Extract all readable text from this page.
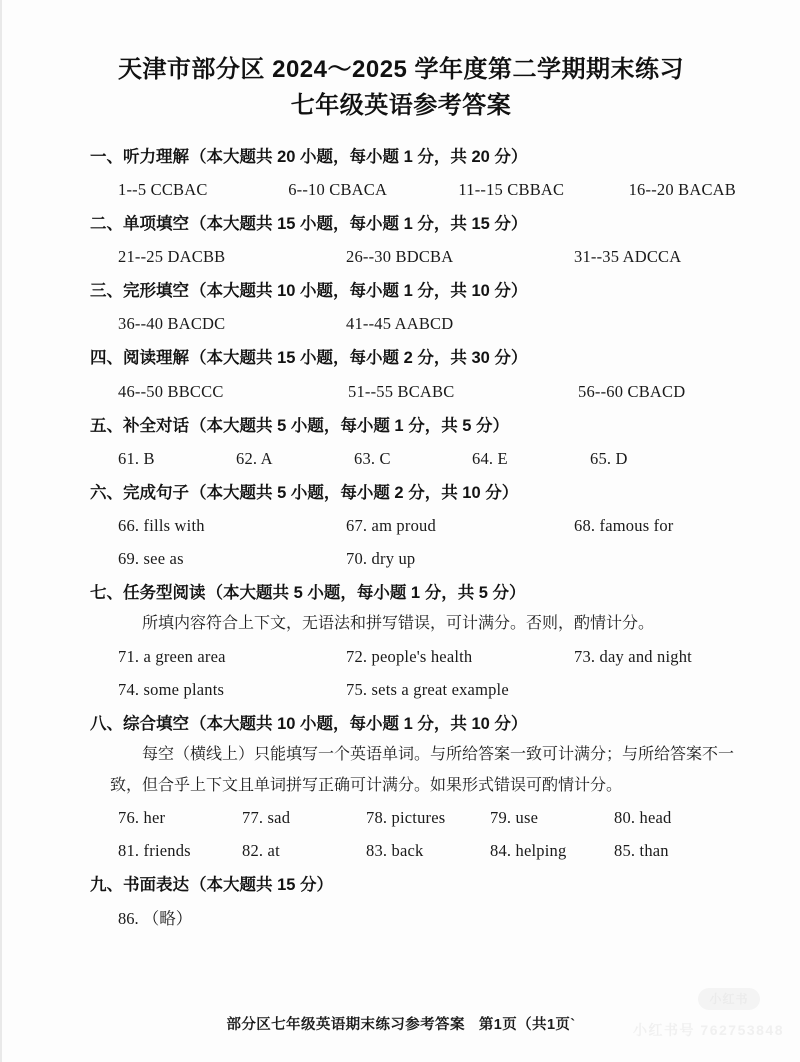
天津市部分区 2024～2025 学年度第二学期期末练习
七年级英语参考答案
一、听力理解（本大题共 20 小题，每小题 1 分，共 20 分）
1--5 CCBAC	6--10 CBACA	11--15 CBBAC	16--20 BACAB
二、单项填空（本大题共 15 小题，每小题 1 分，共 15 分）
21--25 DACBB	26--30 BDCBA	31--35 ADCCA
三、完形填空（本大题共 10 小题，每小题 1 分，共 10 分）
36--40 BACDC	41--45 AABCD
四、阅读理解（本大题共 15 小题，每小题 2 分，共 30 分）
46--50 BBCCC	51--55 BCABC	56--60 CBACD
五、补全对话（本大题共 5 小题，每小题 1 分，共 5 分）
61. B	62. A	63. C	64. E	65. D
六、完成句子（本大题共 5 小题，每小题 2 分，共 10 分）
66. fills with	67. am proud	68. famous for
69. see as	70. dry up
七、任务型阅读（本大题共 5 小题，每小题 1 分，共 5 分）
所填内容符合上下文，无语法和拼写错误，可计满分。否则，酌情计分。
71. a green area	72. people's health	73. day and night
74. some plants	75. sets a great example
八、综合填空（本大题共 10 小题，每小题 1 分，共 10 分）
每空（横线上）只能填写一个英语单词。与所给答案一致可计满分；与所给答案不一致，但合乎上下文且单词拼写正确可计满分。如果形式错误可酌情计分。
76. her	77. sad	78. pictures	79. use	80. head
81. friends	82. at	83. back	84. helping	85. than
九、书面表达（本大题共 15 分）
86. （略）
部分区七年级英语期末练习参考答案 第1页（共1页`
小红书
小红书号 762753848
